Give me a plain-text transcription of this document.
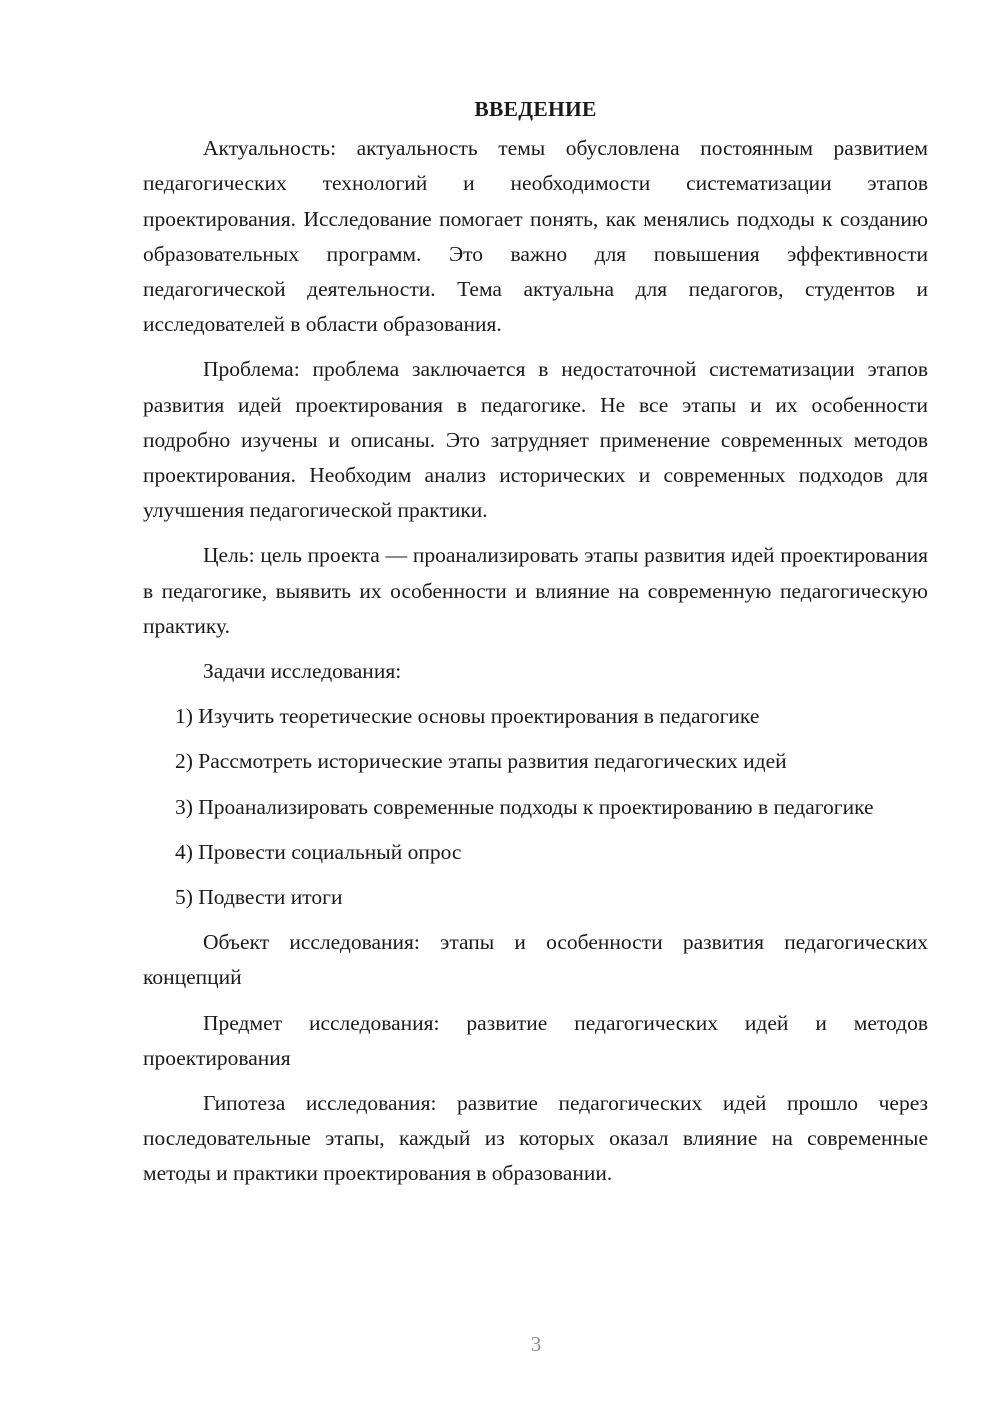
ВВЕДЕНИЕ

Актуальность: актуальность темы обусловлена постоянным развитием педагогических технологий и необходимости систематизации этапов проектирования. Исследование помогает понять, как менялись подходы к созданию образовательных программ. Это важно для повышения эффективности педагогической деятельности. Тема актуальна для педагогов, студентов и исследователей в области образования.

Проблема: проблема заключается в недостаточной систематизации этапов развития идей проектирования в педагогике. Не все этапы и их особенности подробно изучены и описаны. Это затрудняет применение современных методов проектирования. Необходим анализ исторических и современных подходов для улучшения педагогической практики.

Цель: цель проекта — проанализировать этапы развития идей проектирования в педагогике, выявить их особенности и влияние на современную педагогическую практику.

Задачи исследования:

1) Изучить теоретические основы проектирования в педагогике

2) Рассмотреть исторические этапы развития педагогических идей

3) Проанализировать современные подходы к проектированию в педагогике

4) Провести социальный опрос

5) Подвести итоги

Объект исследования: этапы и особенности развития педагогических концепций

Предмет исследования: развитие педагогических идей и методов проектирования

Гипотеза исследования: развитие педагогических идей прошло через последовательные этапы, каждый из которых оказал влияние на современные методы и практики проектирования в образовании.

3
